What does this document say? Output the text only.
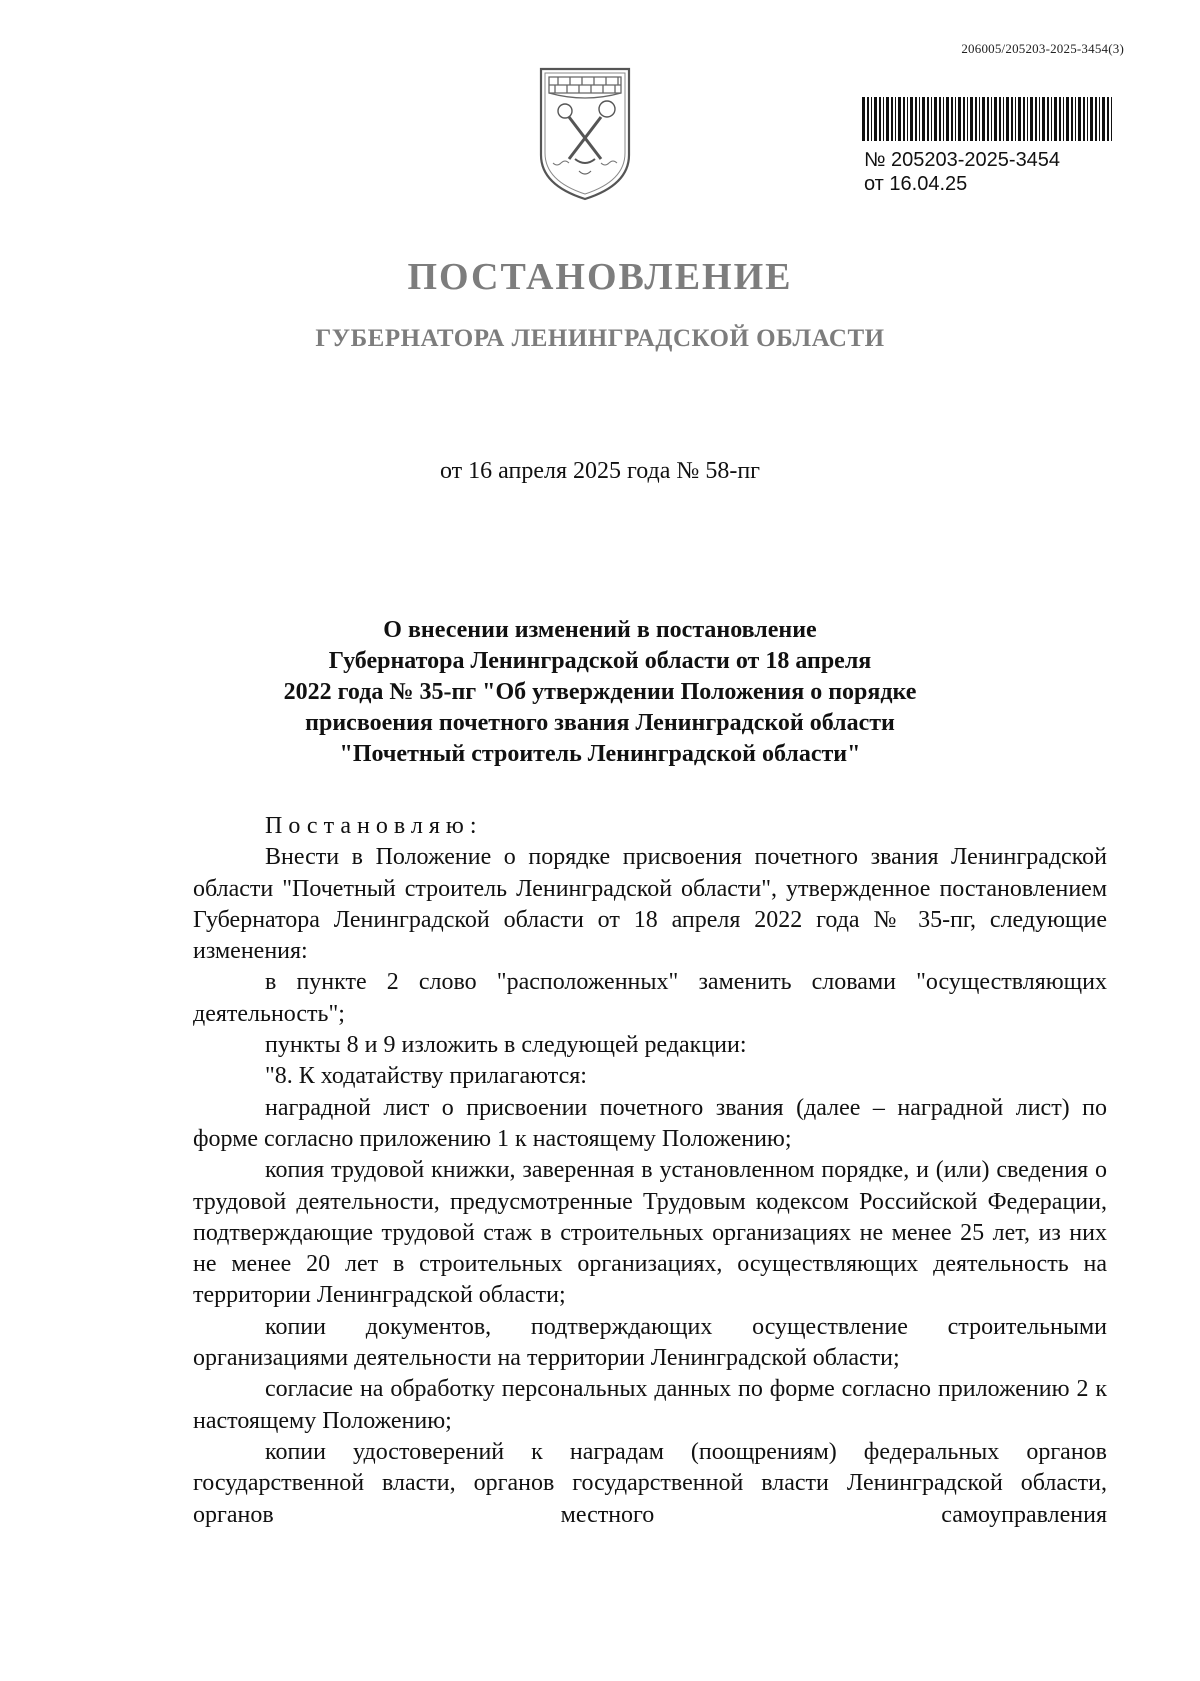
206005/205203-2025-3454(3)
№ 205203-2025-3454
от 16.04.25
ПОСТАНОВЛЕНИЕ
ГУБЕРНАТОРА ЛЕНИНГРАДСКОЙ ОБЛАСТИ
от 16 апреля 2025 года № 58-пг
О внесении изменений в постановление
Губернатора Ленинградской области от 18 апреля
2022 года № 35-пг "Об утверждении Положения о порядке
присвоения почетного звания Ленинградской области
"Почетный строитель Ленинградской области"

Постановляю:

Внести в Положение о порядке присвоения почетного звания Ленинградской области "Почетный строитель Ленинградской области", утвержденное постановлением Губернатора Ленинградской области от 18 апреля 2022 года № 35-пг, следующие изменения:

в пункте 2 слово "расположенных" заменить словами "осуществляющих деятельность";

пункты 8 и 9 изложить в следующей редакции:

"8. К ходатайству прилагаются:

наградной лист о присвоении почетного звания (далее – наградной лист) по форме согласно приложению 1 к настоящему Положению;

копия трудовой книжки, заверенная в установленном порядке, и (или) сведения о трудовой деятельности, предусмотренные Трудовым кодексом Российской Федерации, подтверждающие трудовой стаж в строительных организациях не менее 25 лет, из них не менее 20 лет в строительных организациях, осуществляющих деятельность на территории Ленинградской области;

копии документов, подтверждающих осуществление строительными организациями деятельности на территории Ленинградской области;

согласие на обработку персональных данных по форме согласно приложению 2 к настоящему Положению;

копии удостоверений к наградам (поощрениям) федеральных органов государственной власти, органов государственной власти Ленинградской области, органов местного самоуправления
